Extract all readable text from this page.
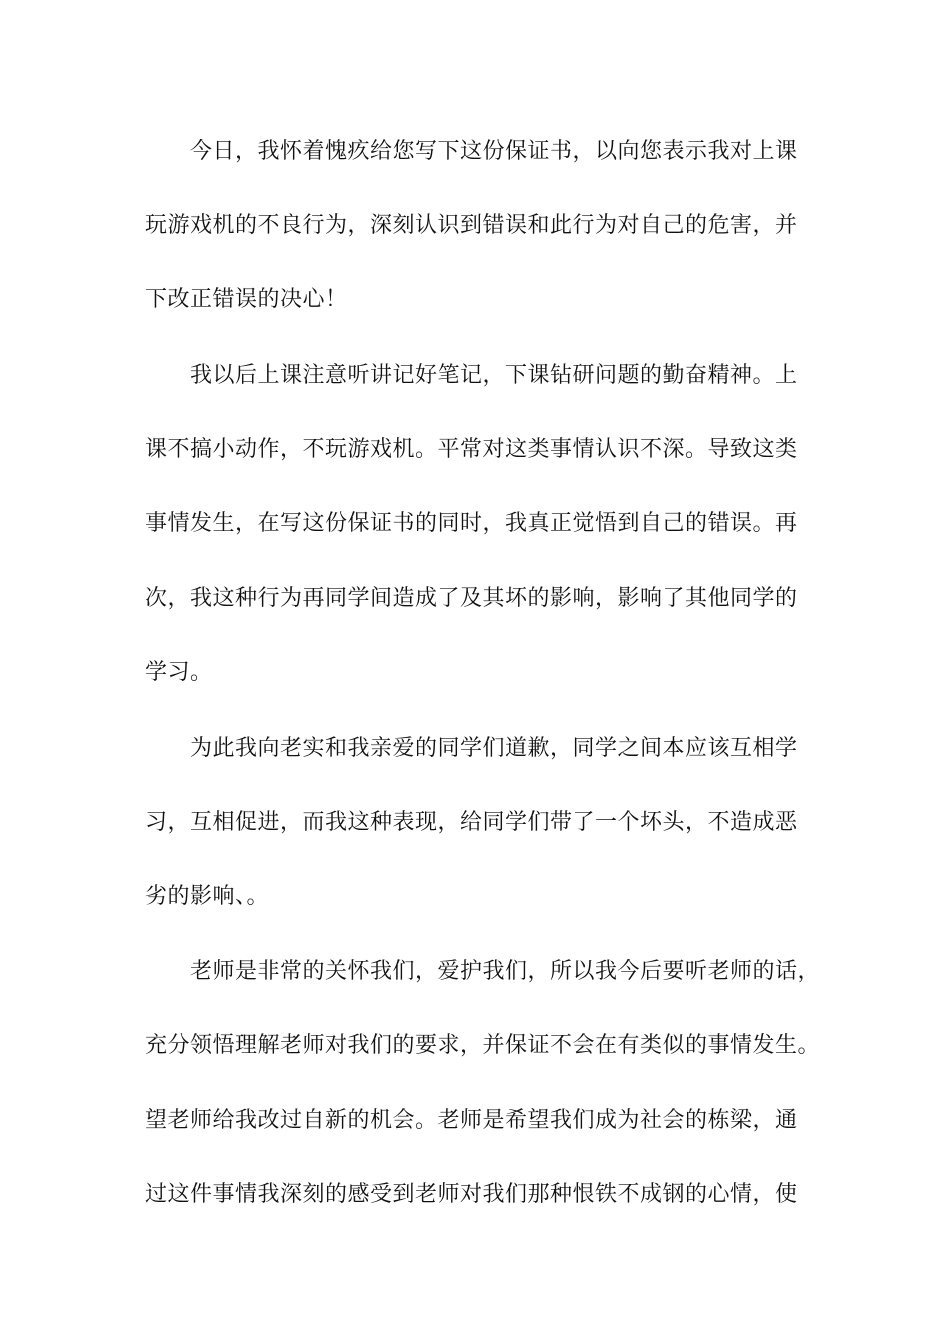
今日，我怀着愧疚给您写下这份保证书，以向您表示我对上课

玩游戏机的不良行为，深刻认识到错误和此行为对自己的危害，并

下改正错误的决心！

我以后上课注意听讲记好笔记，下课钻研问题的勤奋精神。上

课不搞小动作，不玩游戏机。平常对这类事情认识不深。导致这类

事情发生，在写这份保证书的同时，我真正觉悟到自己的错误。再

次，我这种行为再同学间造成了及其坏的影响，影响了其他同学的

学习。

为此我向老实和我亲爱的同学们道歉，同学之间本应该互相学

习，互相促进，而我这种表现，给同学们带了一个坏头，不造成恶

劣的影响、。

老师是非常的关怀我们，爱护我们，所以我今后要听老师的话，

充分领悟理解老师对我们的要求，并保证不会在有类似的事情发生。

望老师给我改过自新的机会。老师是希望我们成为社会的栋梁，通

过这件事情我深刻的感受到老师对我们那种恨铁不成钢的心情，使
